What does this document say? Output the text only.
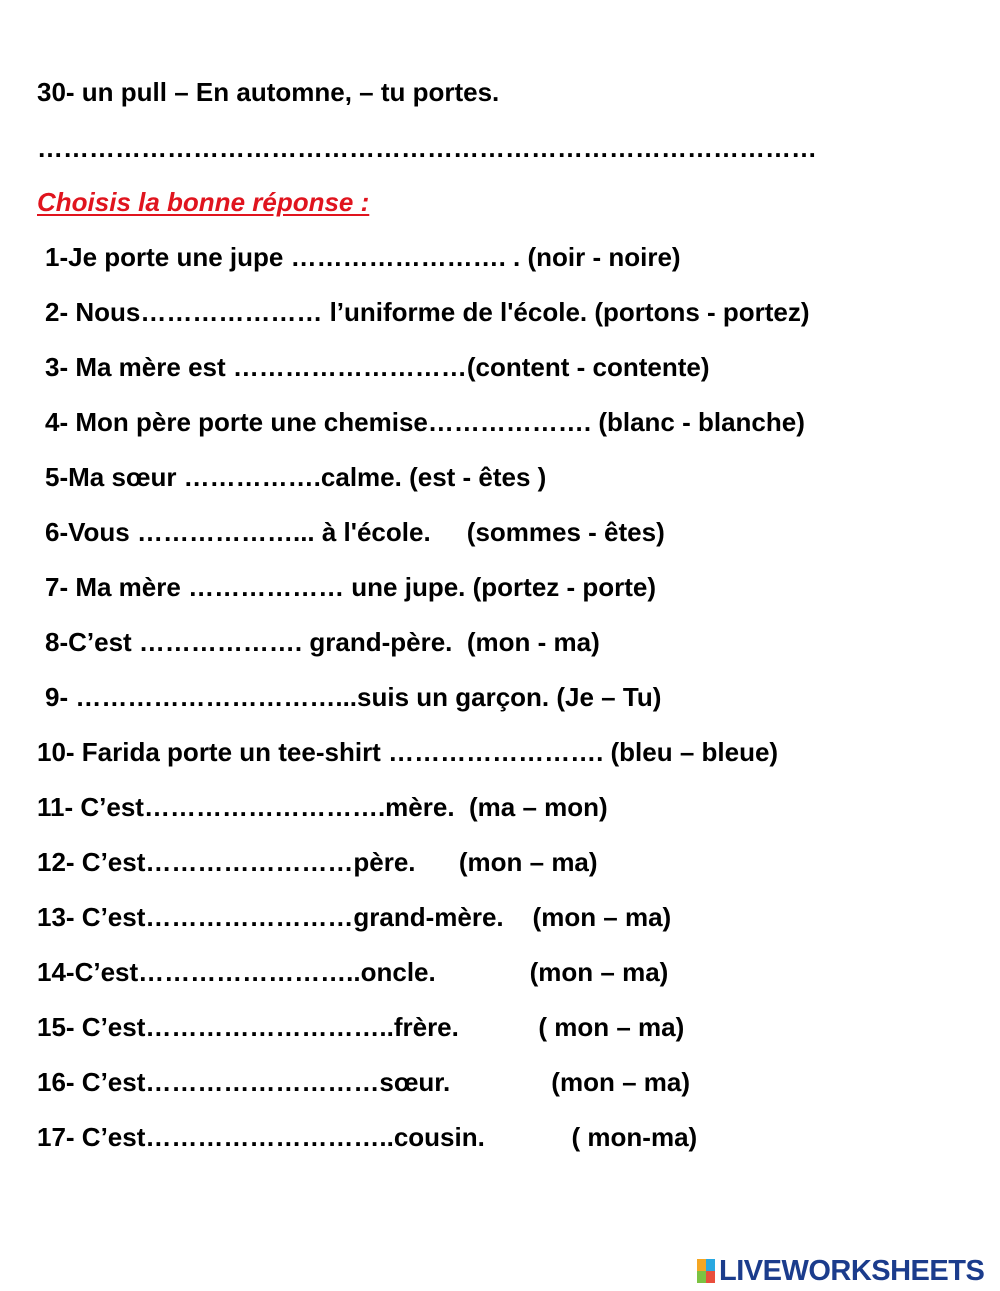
30- un pull – En automne, – tu portes.
………………………………………………………………………………
Choisis la bonne réponse :
1-Je porte une jupe ……………………. . (noir - noire)
2- Nous………………… l’uniforme de l'école. (portons - portez)
3- Ma mère est ………………………(content - contente)
4- Mon père porte une chemise………………. (blanc - blanche)
5-Ma sœur …………….calme. (est - êtes )
6-Vous ………………... à l'école.     (sommes - êtes)
7- Ma mère ……………… une jupe. (portez - porte)
8-C’est ………………. grand-père.  (mon - ma)
9- …………………………...suis un garçon. (Je – Tu)
10- Farida porte un tee-shirt ……………………. (bleu – bleue)
11- C’est……………………….mère.  (ma – mon)
12- C’est……………………père.      (mon – ma)
13- C’est……………………grand-mère.    (mon – ma)
14-C’est……………………..oncle.             (mon – ma)
15- C’est………………………..frère.           ( mon – ma)
16- C’est………………………sœur.              (mon – ma)
17- C’est………………………..cousin.            ( mon-ma)
LIVEWORKSHEETS
